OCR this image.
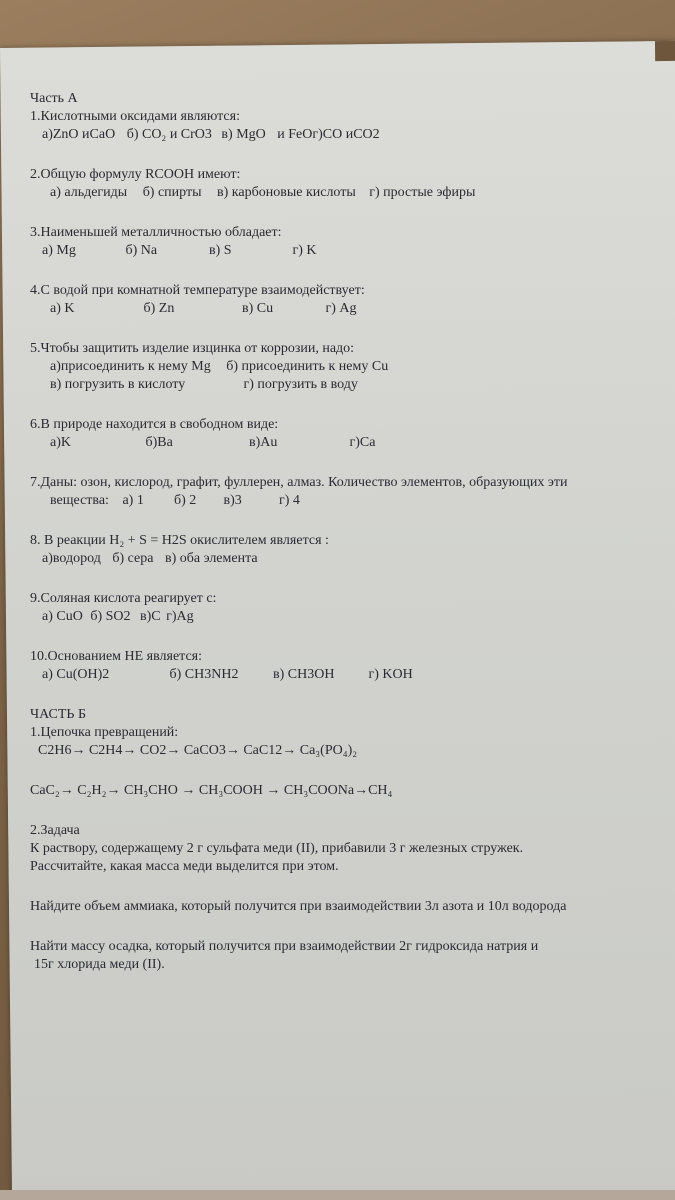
Часть А
1.Кислотными оксидами являются:
а)ZnO иCaO б) CO₂ и CrO3 в) MgO и FeOг)CO иCO2
2.Общую формулу RCOOH имеют:
а) альдегиды б) спирты в) карбоновые кислоты г) простые эфиры
3.Наименьшей металличностью обладает:
а) Mg	б) Na	в) S	г) K
4.С водой при комнатной температуре взаимодействует:
а) K	б) Zn	в) Cu	г) Ag
5.Чтобы защитить изделие изцинка от коррозии, надо:
а)присоединить к нему Mg б) присоединить к нему Cu
в) погрузить в кислоту	г) погрузить в воду
6.В природе находится в свободном виде:
а)K	б)Ba	в)Au	г)Ca
7.Даны: озон, кислород, графит, фуллерен, алмаз. Количество элементов, образующих эти
вещества: а) 1 б) 2 в)3	г) 4
8. В реакции H₂ + S = H2S окислителем является :
а)водород б) сера в) оба элемента
9.Соляная кислота реагирует с:
а) CuO б) SO2 в)C г)Ag
10.Основанием НЕ является:
а) Cu(OH)2	б) CH3NH2 в) CH3OH г) KOH
ЧАСТЬ Б
1.Цепочка превращений:
C2H6→ C2H4→ CO2→ CaCO3→ CaC12→ Ca₃(PO₄)₂
CaC₂→ C₂H₂→ CH₃CHO → CH₃COOH → CH₃COONa→CH₄
2.Задача
К раствору, содержащему 2 г сульфата меди (II), прибавили 3 г железных стружек.
Рассчитайте, какая масса меди выделится при этом.
Найдите объем аммиака, который получится при взаимодействии 3л азота и 10л водорода
Найти массу осадка, который получится при взаимодействии 2г гидроксида натрия и
15г хлорида меди (II).
